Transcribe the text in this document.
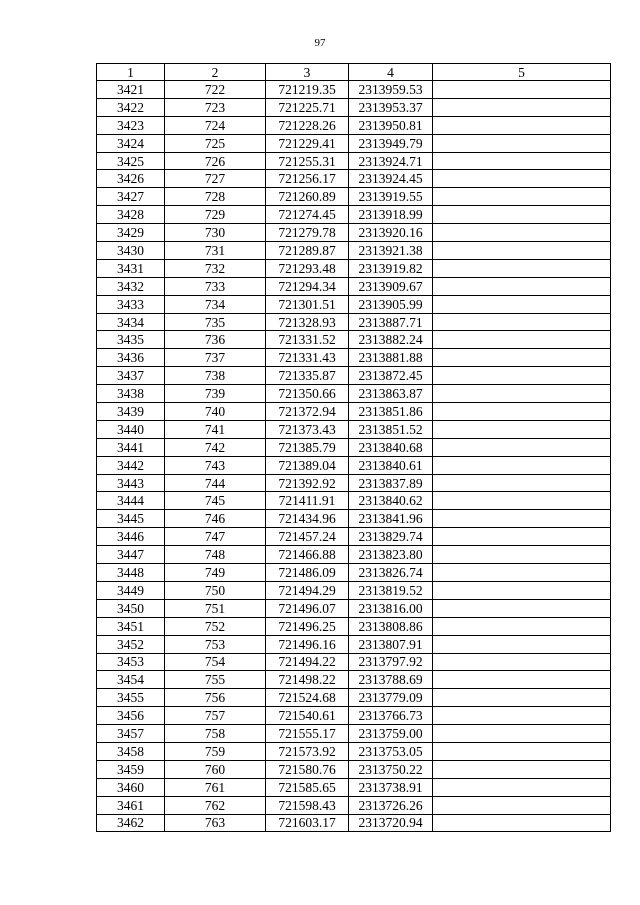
97
1	2	3	4	5
3421	722	721219.35	2313959.53	
3422	723	721225.71	2313953.37	
3423	724	721228.26	2313950.81	
3424	725	721229.41	2313949.79	
3425	726	721255.31	2313924.71	
3426	727	721256.17	2313924.45	
3427	728	721260.89	2313919.55	
3428	729	721274.45	2313918.99	
3429	730	721279.78	2313920.16	
3430	731	721289.87	2313921.38	
3431	732	721293.48	2313919.82	
3432	733	721294.34	2313909.67	
3433	734	721301.51	2313905.99	
3434	735	721328.93	2313887.71	
3435	736	721331.52	2313882.24	
3436	737	721331.43	2313881.88	
3437	738	721335.87	2313872.45	
3438	739	721350.66	2313863.87	
3439	740	721372.94	2313851.86	
3440	741	721373.43	2313851.52	
3441	742	721385.79	2313840.68	
3442	743	721389.04	2313840.61	
3443	744	721392.92	2313837.89	
3444	745	721411.91	2313840.62	
3445	746	721434.96	2313841.96	
3446	747	721457.24	2313829.74	
3447	748	721466.88	2313823.80	
3448	749	721486.09	2313826.74	
3449	750	721494.29	2313819.52	
3450	751	721496.07	2313816.00	
3451	752	721496.25	2313808.86	
3452	753	721496.16	2313807.91	
3453	754	721494.22	2313797.92	
3454	755	721498.22	2313788.69	
3455	756	721524.68	2313779.09	
3456	757	721540.61	2313766.73	
3457	758	721555.17	2313759.00	
3458	759	721573.92	2313753.05	
3459	760	721580.76	2313750.22	
3460	761	721585.65	2313738.91	
3461	762	721598.43	2313726.26	
3462	763	721603.17	2313720.94	
